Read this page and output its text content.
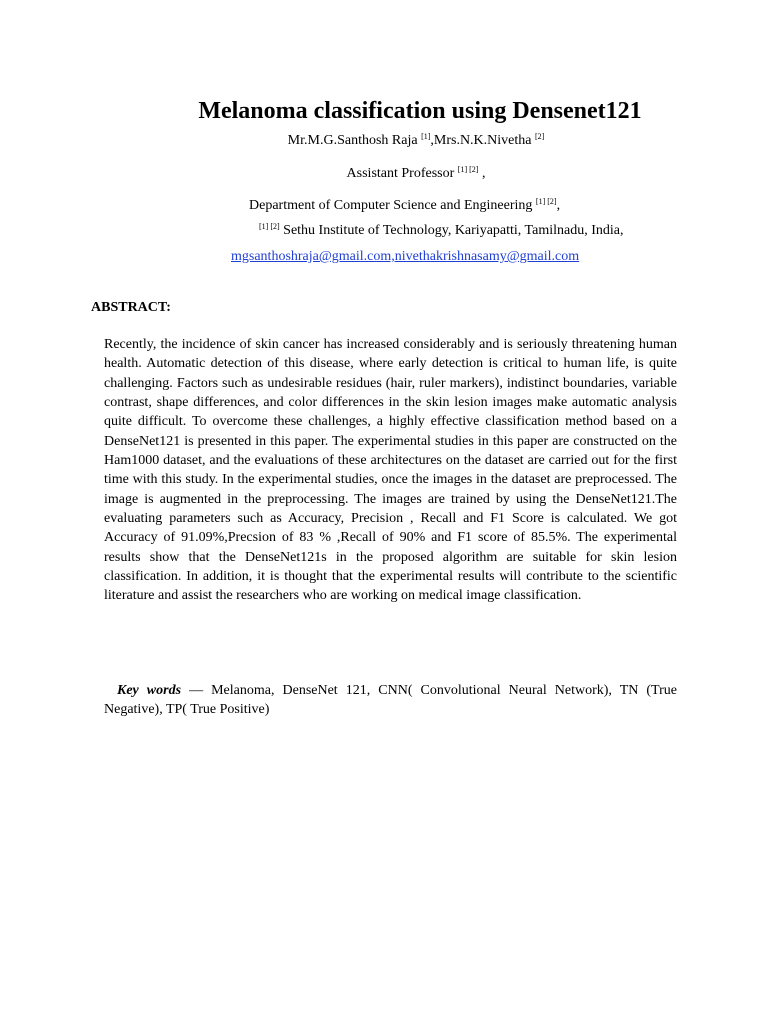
Melanoma classification using Densenet121
Mr.M.G.Santhosh Raja [1],Mrs.N.K.Nivetha [2]
Assistant Professor [1] [2] ,
Department of Computer Science and Engineering [1] [2],
[1] [2] Sethu Institute of Technology, Kariyapatti, Tamilnadu, India,
mgsanthoshraja@gmail.com,nivethakrishnasamy@gmail.com
ABSTRACT:
Recently, the incidence of skin cancer has increased considerably and is seriously threatening human health. Automatic detection of this disease, where early detection is critical to human life, is quite challenging. Factors such as undesirable residues (hair, ruler markers), indistinct boundaries, variable contrast, shape differences, and color differences in the skin lesion images make automatic analysis quite difficult. To overcome these challenges, a highly effective classification method based on a DenseNet121 is presented in this paper. The experimental studies in this paper are constructed on the Ham1000 dataset, and the evaluations of these architectures on the dataset are carried out for the first time with this study. In the experimental studies, once the images in the dataset are preprocessed. The image is augmented in the preprocessing. The images are trained by using the DenseNet121.The evaluating parameters such as Accuracy, Precision , Recall and F1 Score is calculated. We got Accuracy of 91.09%,Precsion of 83 % ,Recall of 90% and F1 score of 85.5%. The experimental results show that the DenseNet121s in the proposed algorithm are suitable for skin lesion classification. In addition, it is thought that the experimental results will contribute to the scientific literature and assist the researchers who are working on medical image classification.
Key words — Melanoma, DenseNet 121, CNN( Convolutional Neural Network), TN (True Negative), TP( True Positive)
